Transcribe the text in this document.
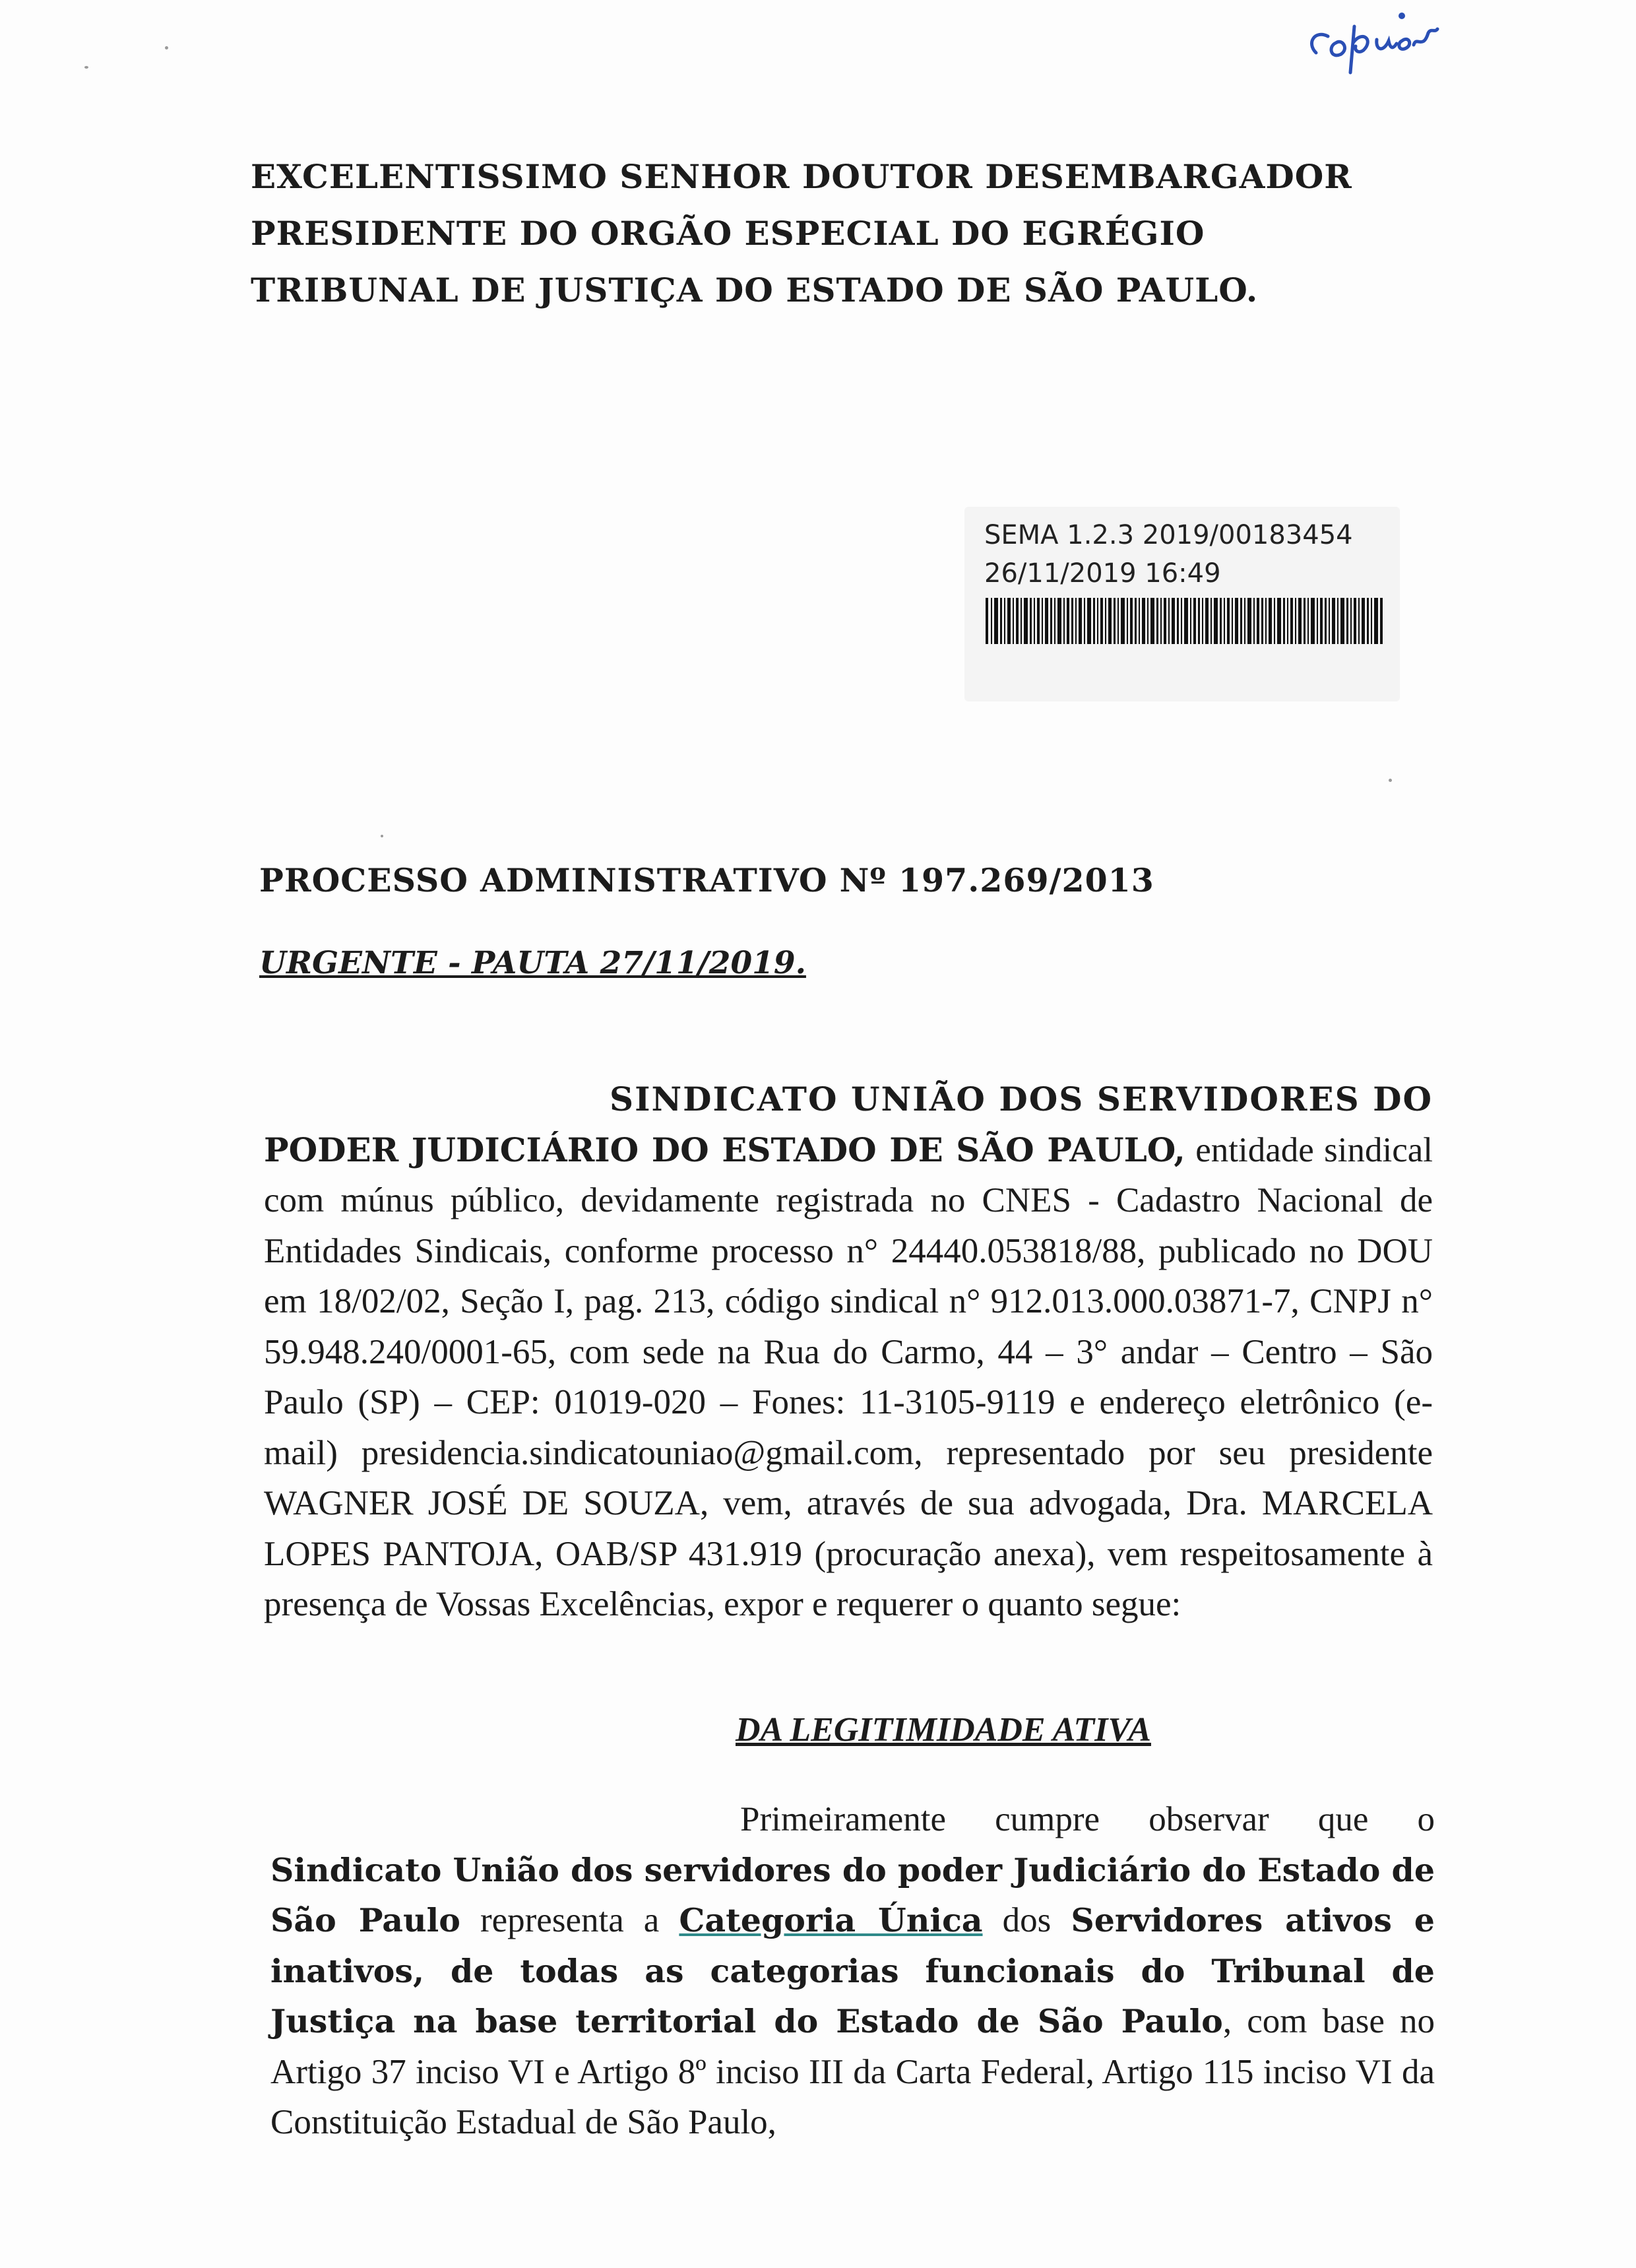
EXCELENTISSIMO SENHOR DOUTOR DESEMBARGADOR PRESIDENTE DO ORGÃO ESPECIAL DO EGRÉGIO TRIBUNAL DE JUSTIÇA DO ESTADO DE SÃO PAULO.
SEMA 1.2.3 2019/00183454
26/11/2019 16:49
PROCESSO ADMINISTRATIVO Nº 197.269/2013
URGENTE - PAUTA 27/11/2019.
SINDICATO UNIÃO DOS SERVIDORES DO
PODER JUDICIÁRIO DO ESTADO DE SÃO PAULO, entidade sindical com múnus público, devidamente registrada no CNES - Cadastro Nacional de Entidades Sindicais, conforme processo n° 24440.053818/88, publicado no DOU em 18/02/02, Seção I, pag. 213, código sindical n° 912.013.000.03871-7, CNPJ n° 59.948.240/0001-65, com sede na Rua do Carmo, 44 – 3° andar – Centro – São Paulo (SP) – CEP: 01019-020 – Fones: 11-3105-9119 e endereço eletrônico (e-mail) presidencia.sindicatouniao@gmail.com, representado por seu presidente WAGNER JOSÉ DE SOUZA, vem, através de sua advogada, Dra. MARCELA LOPES PANTOJA, OAB/SP 431.919 (procuração anexa), vem respeitosamente à presença de Vossas Excelências, expor e requerer o quanto segue:
DA LEGITIMIDADE ATIVA
Primeiramente cumpre observar que o
Sindicato União dos servidores do poder Judiciário do Estado de São Paulo representa a Categoria Única dos Servidores ativos e inativos, de todas as categorias funcionais do Tribunal de Justiça na base territorial do Estado de São Paulo, com base no Artigo 37 inciso VI e Artigo 8º inciso III da Carta Federal, Artigo 115 inciso VI da Constituição Estadual de São Paulo,
